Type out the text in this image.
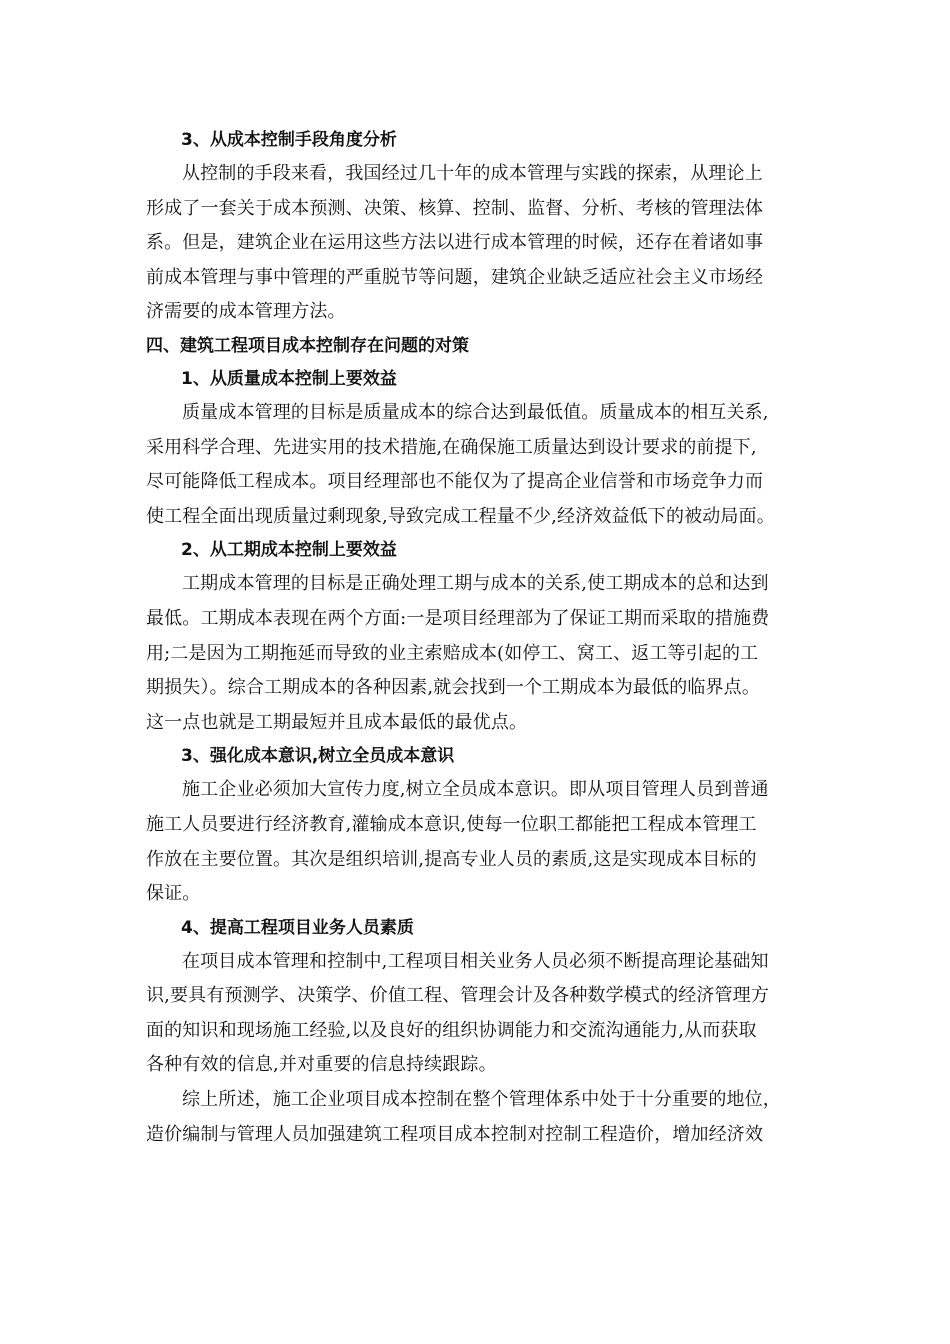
3、从成本控制手段角度分析

从控制的手段来看，我国经过几十年的成本管理与实践的探索，从理论上
形成了一套关于成本预测、决策、核算、控制、监督、分析、考核的管理法体
系。但是，建筑企业在运用这些方法以进行成本管理的时候，还存在着诸如事
前成本管理与事中管理的严重脱节等问题，建筑企业缺乏适应社会主义市场经
济需要的成本管理方法。

四、建筑工程项目成本控制存在问题的对策

1、从质量成本控制上要效益

质量成本管理的目标是质量成本的综合达到最低值。质量成本的相互关系,
采用科学合理、先进实用的技术措施,在确保施工质量达到设计要求的前提下,
尽可能降低工程成本。项目经理部也不能仅为了提高企业信誉和市场竞争力而
使工程全面出现质量过剩现象,导致完成工程量不少,经济效益低下的被动局面。

2、从工期成本控制上要效益

工期成本管理的目标是正确处理工期与成本的关系,使工期成本的总和达到
最低。工期成本表现在两个方面:一是项目经理部为了保证工期而采取的措施费
用;二是因为工期拖延而导致的业主索赔成本(如停工、窝工、返工等引起的工
期损失）。综合工期成本的各种因素,就会找到一个工期成本为最低的临界点。
这一点也就是工期最短并且成本最低的最优点。

3、强化成本意识,树立全员成本意识

施工企业必须加大宣传力度,树立全员成本意识。即从项目管理人员到普通
施工人员要进行经济教育,灌输成本意识,使每一位职工都能把工程成本管理工
作放在主要位置。其次是组织培训,提高专业人员的素质,这是实现成本目标的
保证。

4、提高工程项目业务人员素质

在项目成本管理和控制中,工程项目相关业务人员必须不断提高理论基础知
识,要具有预测学、决策学、价值工程、管理会计及各种数学模式的经济管理方
面的知识和现场施工经验,以及良好的组织协调能力和交流沟通能力,从而获取
各种有效的信息,并对重要的信息持续跟踪。
综上所述，施工企业项目成本控制在整个管理体系中处于十分重要的地位，
造价编制与管理人员加强建筑工程项目成本控制对控制工程造价，增加经济效
